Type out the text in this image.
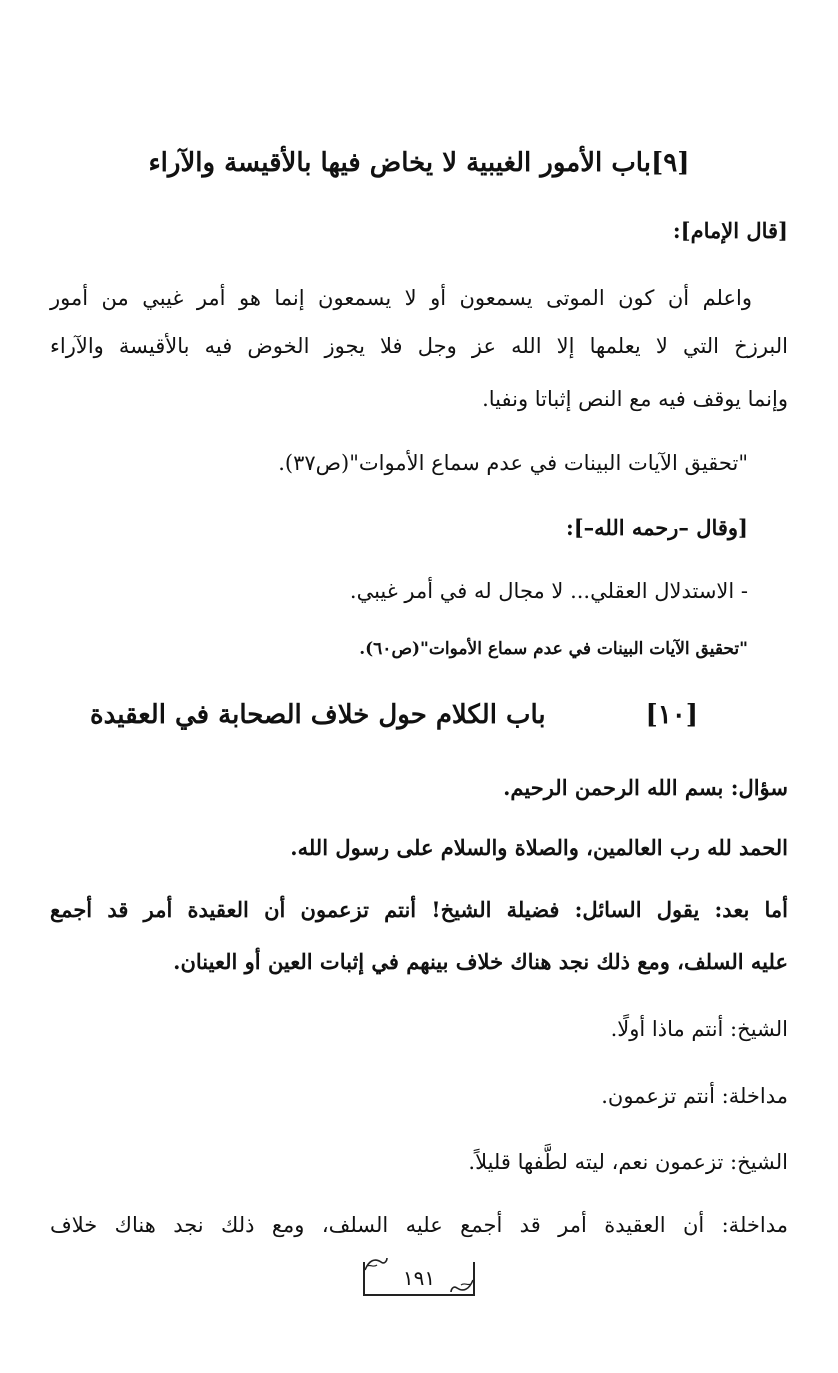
[٩]باب الأمور الغيبية لا يخاض فيها بالأقيسة والآراء
[قال الإمام]:
واعلم أن كون الموتى يسمعون أو لا يسمعون إنما هو أمر غيبي من أمور
البرزخ التي لا يعلمها إلا الله عز وجل فلا يجوز الخوض فيه بالأقيسة والآراء
وإنما يوقف فيه مع النص إثباتا ونفيا.
"تحقيق الآيات البينات في عدم سماع الأموات"(ص٣٧).
[وقال –رحمه الله–]:
- الاستدلال العقلي... لا مجال له في أمر غيبي.
"تحقيق الآيات البينات في عدم سماع الأموات"(ص٦٠).
[١٠]
باب الكلام حول خلاف الصحابة في العقيدة
سؤال: بسم الله الرحمن الرحيم.
الحمد لله رب العالمين، والصلاة والسلام على رسول الله.
أما بعد: يقول السائل: فضيلة الشيخ! أنتم تزعمون أن العقيدة أمر قد أجمع
عليه السلف، ومع ذلك نجد هناك خلاف بينهم في إثبات العين أو العينان.
الشيخ: أنتم ماذا أولًا.
مداخلة: أنتم تزعمون.
الشيخ: تزعمون نعم، ليته لطَّفها قليلاً.
مداخلة: أن العقيدة أمر قد أجمع عليه السلف، ومع ذلك نجد هناك خلاف
١٩١
